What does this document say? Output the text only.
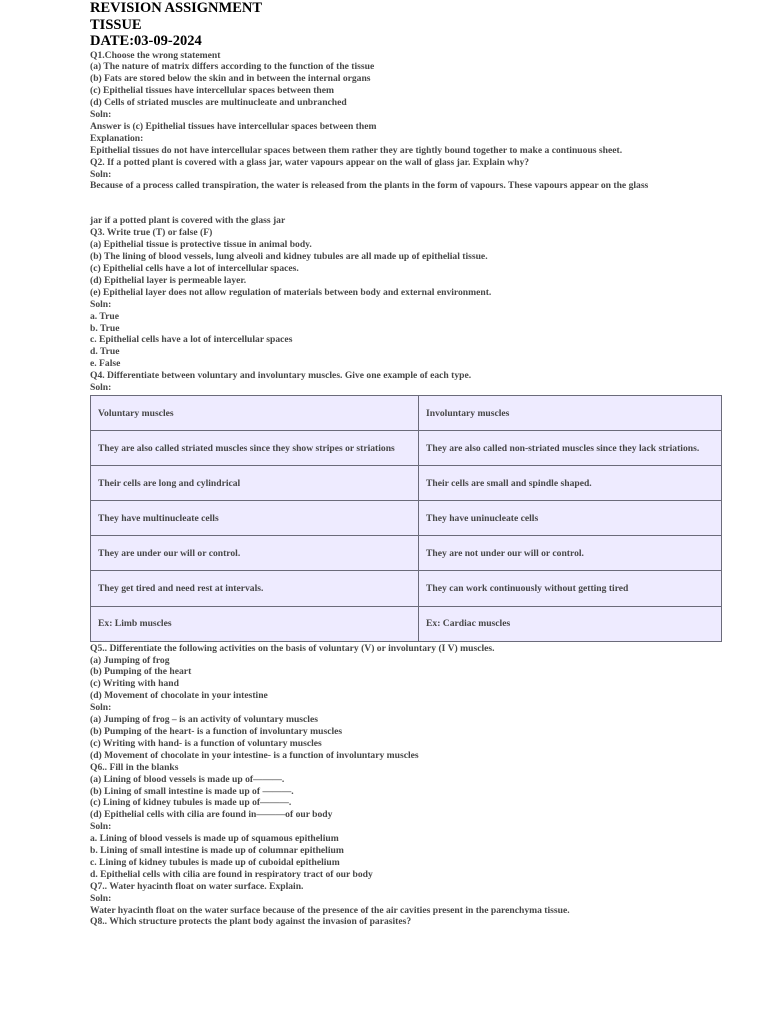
REVISION ASSIGNMENT
TISSUE
DATE:03-09-2024
Q1.Choose the wrong statement
(a) The nature of matrix differs according to the function of the tissue
(b) Fats are stored below the skin and in between the internal organs
(c) Epithelial tissues have intercellular spaces between them
(d) Cells of striated muscles are multinucleate and unbranched
Soln:
Answer is (c) Epithelial tissues have intercellular spaces between them
Explanation:
Epithelial tissues do not have intercellular spaces between them rather they are tightly bound together to make a continuous sheet.
Q2. If a potted plant is covered with a glass jar, water vapours appear on the wall of glass jar. Explain why?
Soln:
Because of a process called transpiration, the water is released from the plants in the form of vapours. These vapours appear on the glass
jar if a potted plant is covered with the glass jar
Q3. Write true (T) or false (F)
(a) Epithelial tissue is protective tissue in animal body.
(b) The lining of blood vessels, lung alveoli and kidney tubules are all made up of epithelial tissue.
(c) Epithelial cells have a lot of intercellular spaces.
(d) Epithelial layer is permeable layer.
(e) Epithelial layer does not allow regulation of materials between body and external environment.
Soln:
a. True
b. True
c. Epithelial cells have a lot of intercellular spaces
d. True
e. False
Q4. Differentiate between voluntary and involuntary muscles. Give one example of each type.
Soln:
Voluntary muscles	Involuntary muscles
They are also called striated muscles since they show stripes or striations	They are also called non-striated muscles since they lack striations.
Their cells are long and cylindrical	Their cells are small and spindle shaped.
They have multinucleate cells	They have uninucleate cells
They are under our will or control.	They are not under our will or control.
They get tired and need rest at intervals.	They can work continuously without getting tired
Ex: Limb muscles	Ex: Cardiac muscles
Q5.. Differentiate the following activities on the basis of voluntary (V) or involuntary (I V) muscles.
(a) Jumping of frog
(b) Pumping of the heart
(c) Writing with hand
(d) Movement of chocolate in your intestine
Soln:
(a) Jumping of frog – is an activity of voluntary muscles
(b) Pumping of the heart- is a function of involuntary muscles
(c) Writing with hand- is a function of voluntary muscles
(d) Movement of chocolate in your intestine- is a function of involuntary muscles
Q6.. Fill in the blanks
(a) Lining of blood vessels is made up of———.
(b) Lining of small intestine is made up of ———.
(c) Lining of kidney tubules is made up of———.
(d) Epithelial cells with cilia are found in———of our body
Soln:
a. Lining of blood vessels is made up of squamous epithelium
b. Lining of small intestine is made up of columnar epithelium
c. Lining of kidney tubules is made up of cuboidal epithelium
d. Epithelial cells with cilia are found in respiratory tract of our body
Q7.. Water hyacinth float on water surface. Explain.
Soln:
Water hyacinth float on the water surface because of the presence of the air cavities present in the parenchyma tissue.
Q8.. Which structure protects the plant body against the invasion of parasites?
